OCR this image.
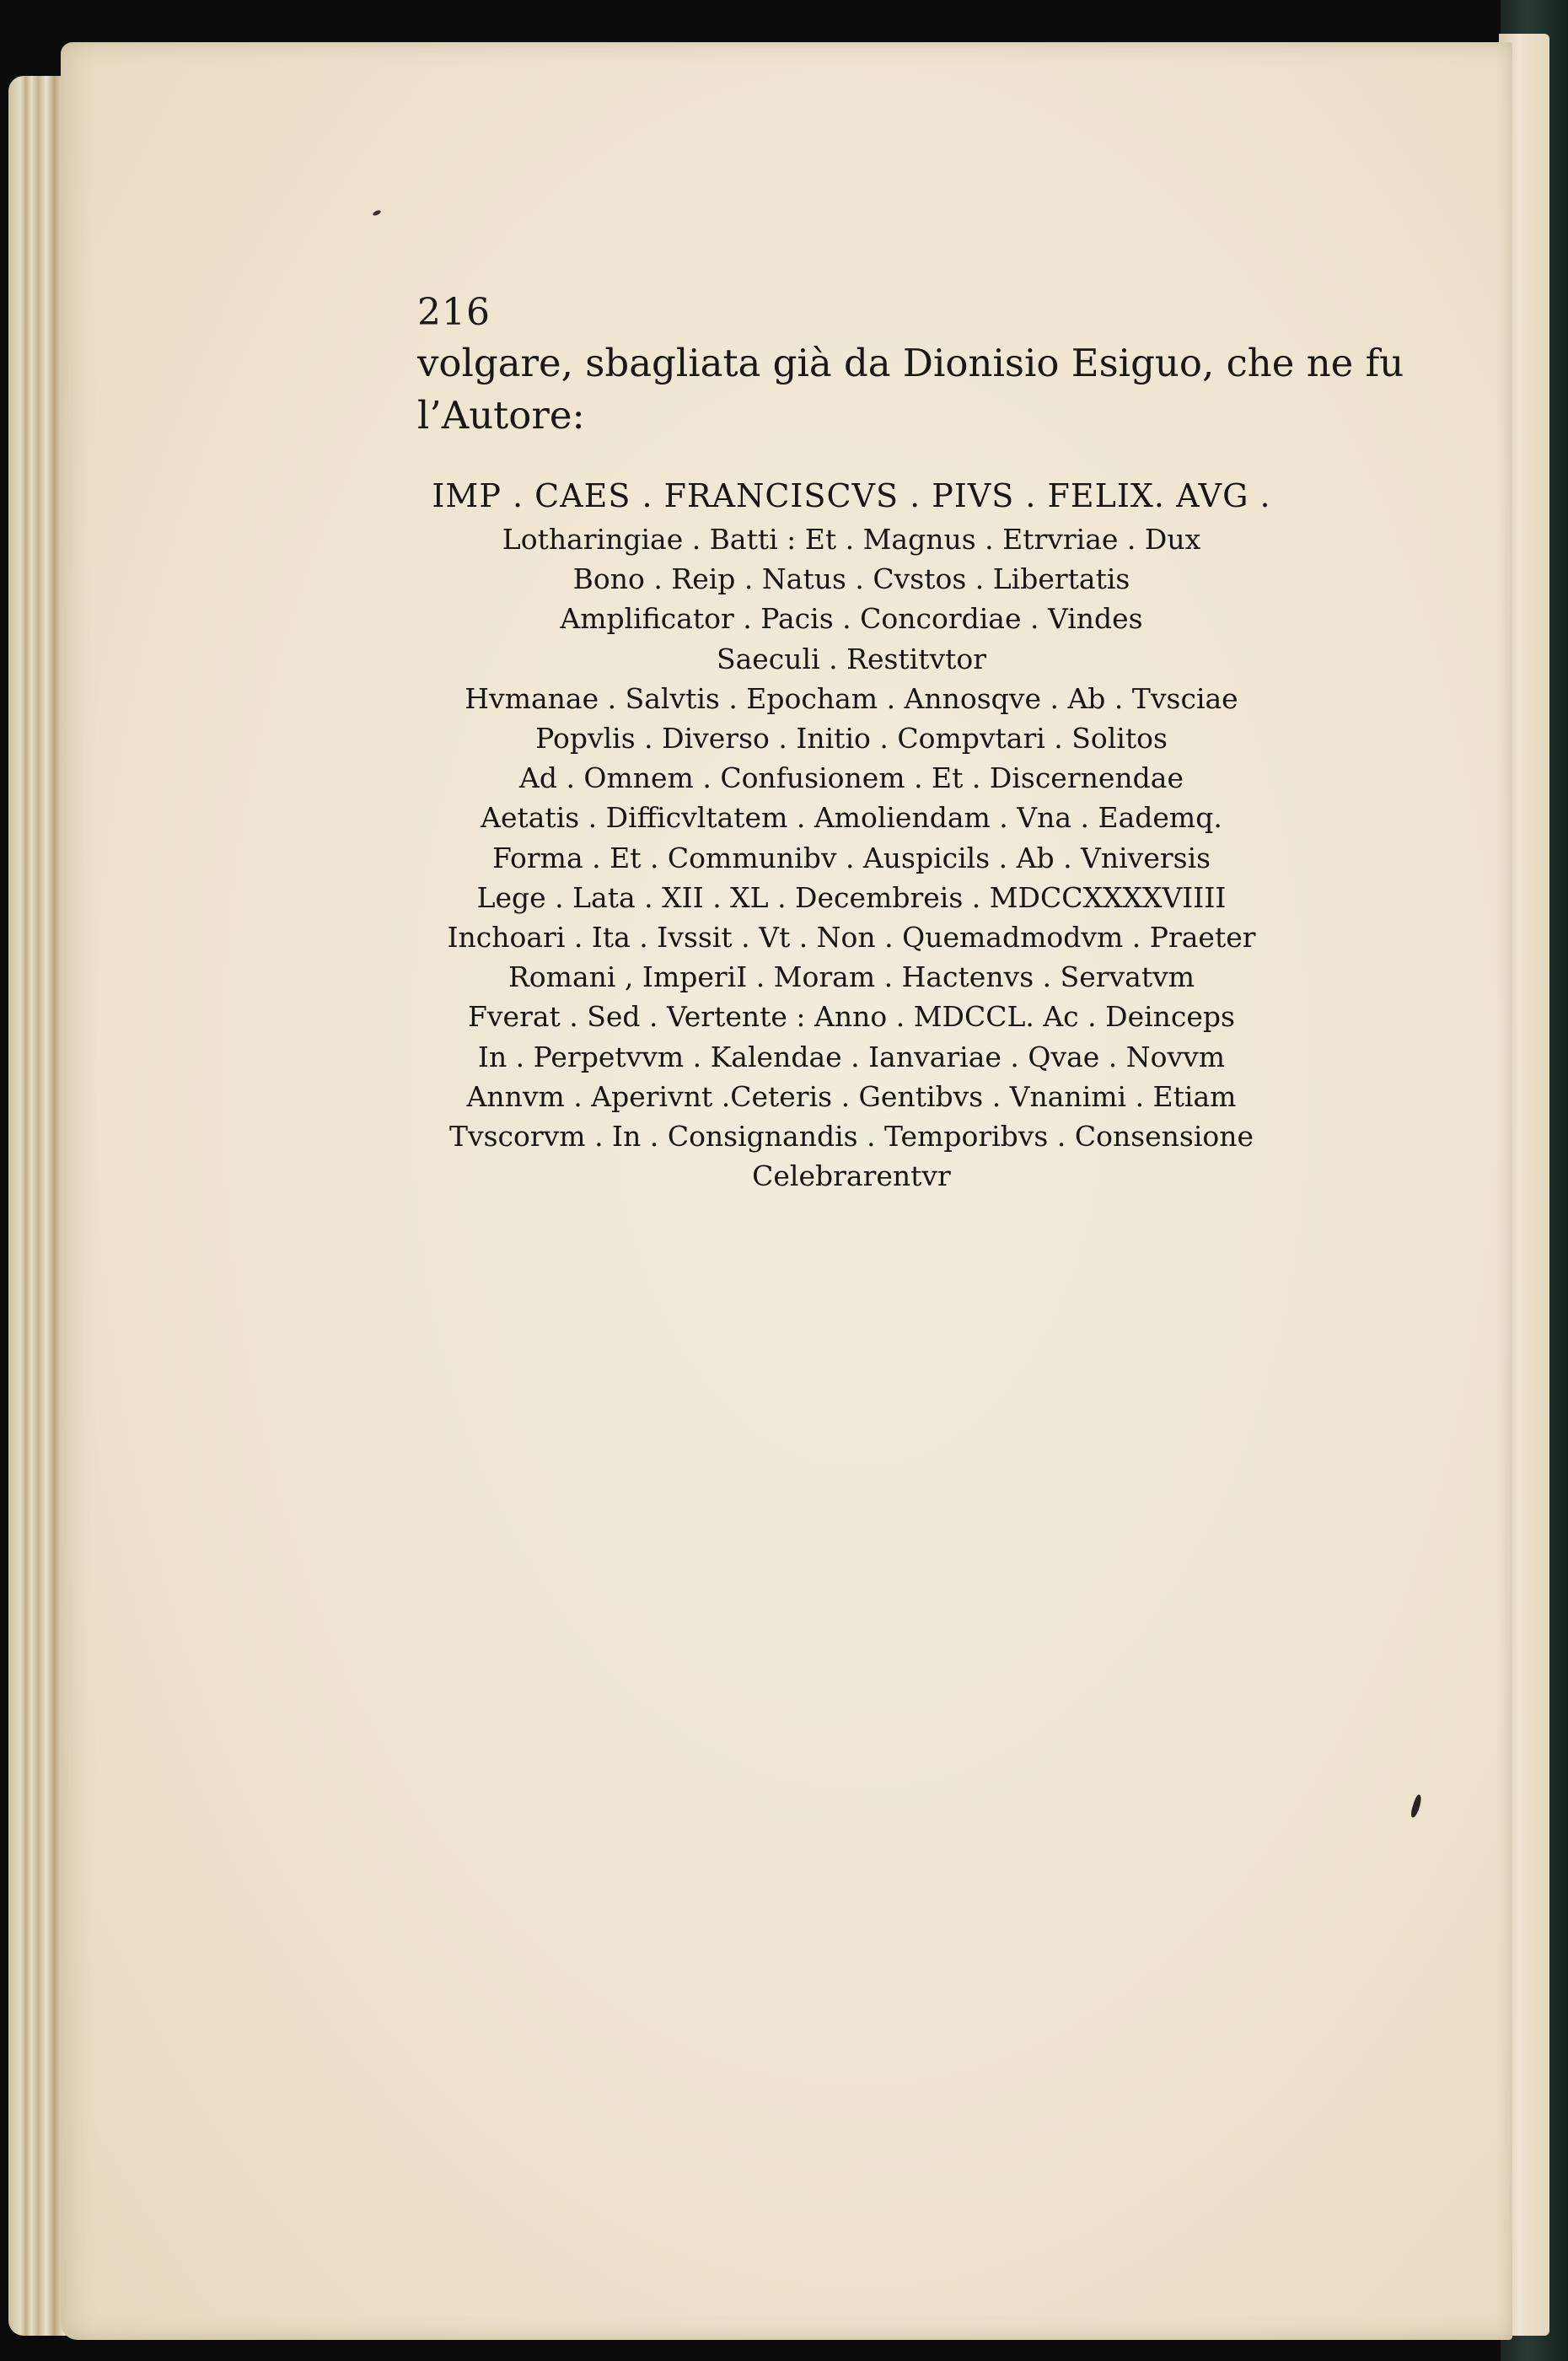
216
volgare, sbagliata già da Dionisio Esiguo, che ne fu
l’Autore:
IMP . CAES . FRANCISCVS . PIVS . FELIX. AVG .
Lotharingiae . Batti : Et . Magnus . Etrvriae . Dux
Bono . Reip . Natus . Cvstos . Libertatis
Amplificator . Pacis . Concordiae . Vindes
Saeculi . Restitvtor
Hvmanae . Salvtis . Epocham . Annosqve . Ab . Tvsciae
Popvlis . Diverso . Initio . Compvtari . Solitos
Ad . Omnem . Confusionem . Et . Discernendae
Aetatis . Difficvltatem . Amoliendam . Vna . Eademq.
Forma . Et . Communibv . Auspicils . Ab . Vniversis
Lege . Lata . XII . XL . Decembreis . MDCCXXXXVIIII
Inchoari . Ita . Ivssit . Vt . Non . Quemadmodvm . Praeter
Romani , ImperiI . Moram . Hactenvs . Servatvm
Fverat . Sed . Vertente : Anno . MDCCL. Ac . Deinceps
In . Perpetvvm . Kalendae . Ianvariae . Qvae . Novvm
Annvm . Aperivnt .Ceteris . Gentibvs . Vnanimi . Etiam
Tvscorvm . In . Consignandis . Temporibvs . Consensione
Celebrarentvr
